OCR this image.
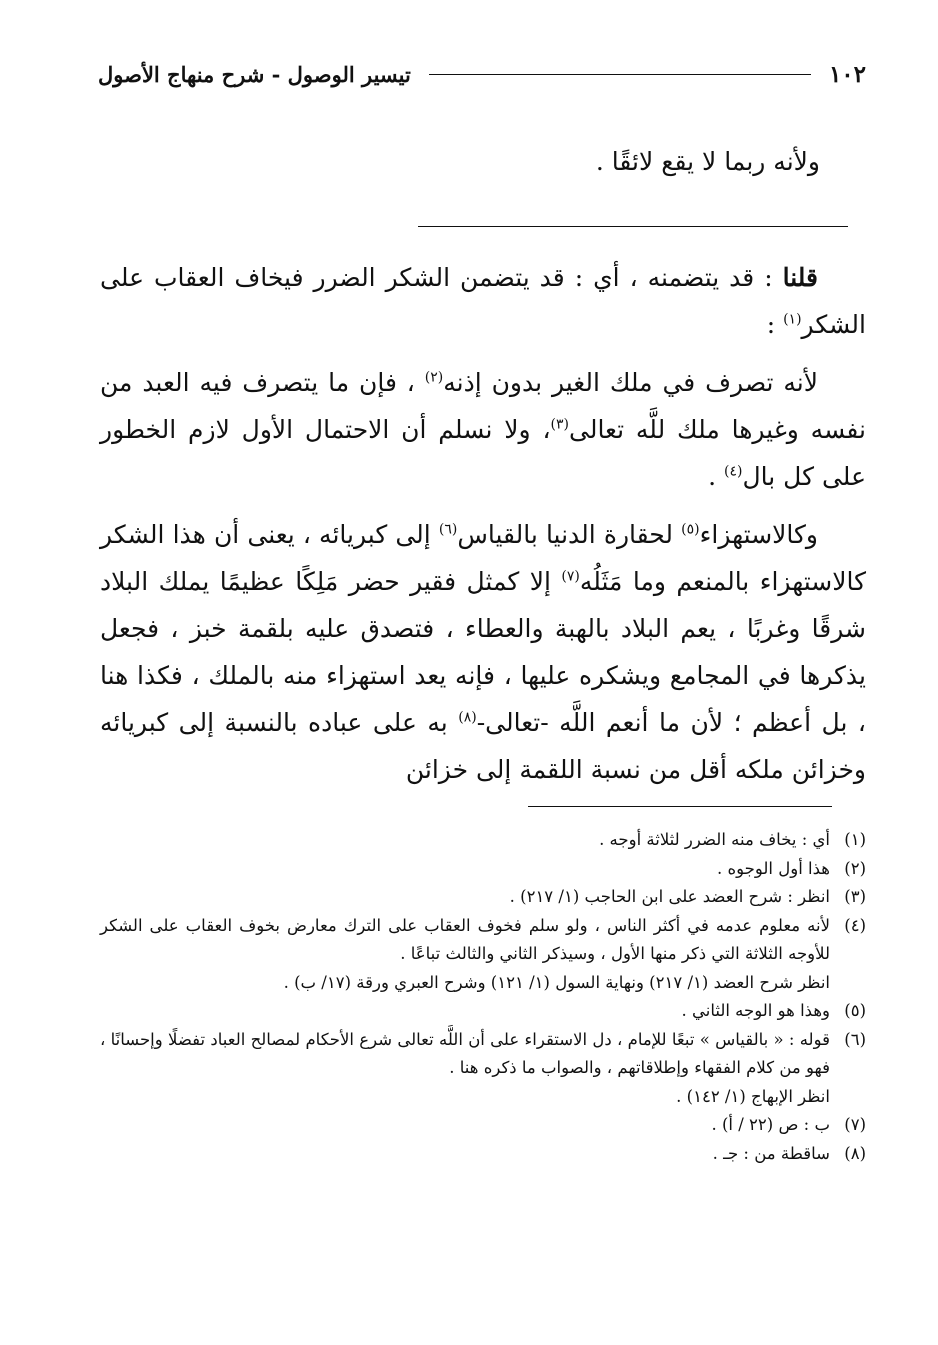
١٠٢
تيسير الوصول - شرح منهاج الأصول

ولأنه ربما لا يقع لائقًا .

قلنا : قد يتضمنه ، أي : قد يتضمن الشكر الضرر فيخاف العقاب على الشكر$^{(١)}$ :

لأنه تصرف في ملك الغير بدون إذنه$^{(٢)}$ ، فإن ما يتصرف فيه العبد من نفسه وغيرها ملك للَّه تعالى$^{(٣)}$، ولا نسلم أن الاحتمال الأول لازم الخطور على كل بال$^{(٤)}$ .

وكالاستهزاء$^{(٥)}$ لحقارة الدنيا بالقياس$^{(٦)}$ إلى كبريائه ، يعنى أن هذا الشكر كالاستهزاء بالمنعم وما مَثَلُه$^{(٧)}$ إلا كمثل فقير حضر مَلِكًا عظيمًا يملك البلاد شرقًا وغربًا ، يعم البلاد بالهبة والعطاء ، فتصدق عليه بلقمة خبز ، فجعل يذكرها في المجامع ويشكره عليها ، فإنه يعد استهزاء منه بالملك ، فكذا هنا ، بل أعظم ؛ لأن ما أنعم اللَّه -تعالى-$^{(٨)}$ به على عباده بالنسبة إلى كبريائه وخزائن ملكه أقل من نسبة اللقمة إلى خزائن

(١)
أي : يخاف منه الضرر لثلاثة أوجه .
(٢)
هذا أول الوجوه .
(٣)
انظر : شرح العضد على ابن الحاجب (١/ ٢١٧) .
(٤)
لأنه معلوم عدمه في أكثر الناس ، ولو سلم فخوف العقاب على الترك معارض بخوف العقاب على الشكر للأوجه الثلاثة التي ذكر منها الأول ، وسيذكر الثاني والثالث تباعًا .
انظر شرح العضد (١/ ٢١٧) ونهاية السول (١/ ١٢١) وشرح العبري ورقة (١٧/ ب) .
(٥)
وهذا هو الوجه الثاني .
(٦)
قوله : « بالقياس » تبعًا للإمام ، دل الاستقراء على أن اللَّه تعالى شرع الأحكام لمصالح العباد تفضلًا وإحسانًا ، فهو من كلام الفقهاء وإطلاقاتهم ، والصواب ما ذكره هنا .
انظر الإبهاج (١/ ١٤٢) .
(٧)
ب : ص (٢٢ / أ) .
(٨)
ساقطة من : جـ .
